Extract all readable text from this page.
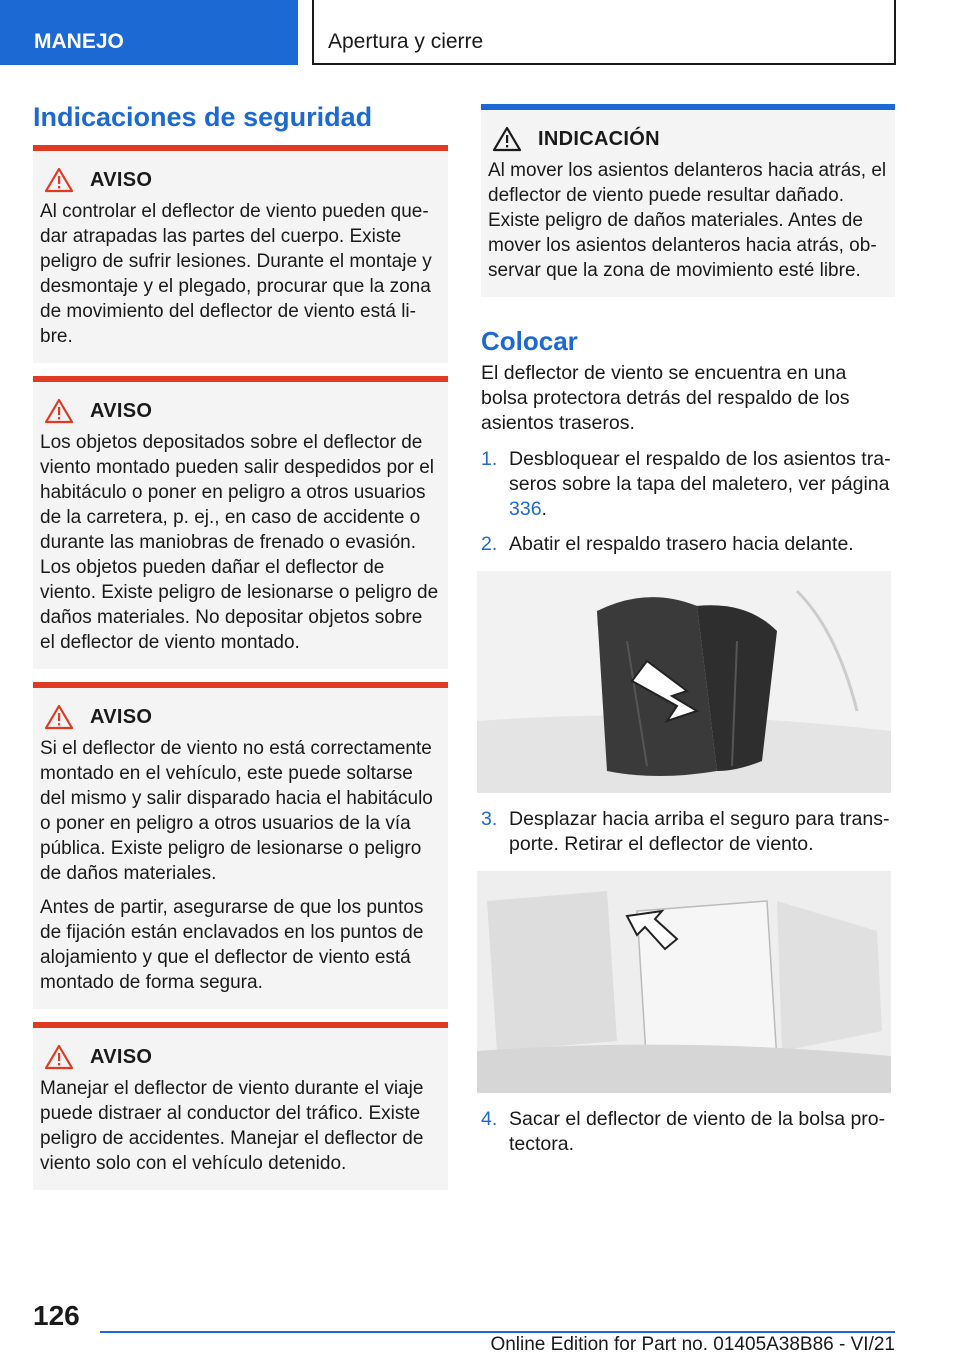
MANEJO	Apertura y cierre
Indicaciones de seguridad
AVISO

Al controlar el deflector de viento pueden quedar atrapadas las partes del cuerpo. Existe peligro de sufrir lesiones. Durante el montaje y desmontaje y el plegado, procurar que la zona de movimiento del deflector de viento está libre.

AVISO

Los objetos depositados sobre el deflector de viento montado pueden salir despedidos por el habitáculo o poner en peligro a otros usuarios de la carretera, p. ej., en caso de accidente o durante las maniobras de frenado o evasión. Los objetos pueden dañar el deflector de viento. Existe peligro de lesionarse o peligro de daños materiales. No depositar objetos sobre el deflector de viento montado.

AVISO

Si el deflector de viento no está correctamente montado en el vehículo, este puede soltarse del mismo y salir disparado hacia el habitáculo o poner en peligro a otros usuarios de la vía pública. Existe peligro de lesionarse o peligro de daños materiales.

Antes de partir, asegurarse de que los puntos de fijación están enclavados en los puntos de alojamiento y que el deflector de viento está montado de forma segura.

AVISO

Manejar el deflector de viento durante el viaje puede distraer al conductor del tráfico. Existe peligro de accidentes. Manejar el deflector de viento solo con el vehículo detenido.

INDICACIÓN

Al mover los asientos delanteros hacia atrás, el deflector de viento puede resultar dañado. Existe peligro de daños materiales. Antes de mover los asientos delanteros hacia atrás, observar que la zona de movimiento esté libre.

Colocar

El deflector de viento se encuentra en una bolsa protectora detrás del respaldo de los asientos traseros.

1. Desbloquear el respaldo de los asientos traseros sobre la tapa del maletero, ver página 336.
2. Abatir el respaldo trasero hacia delante.
3. Desplazar hacia arriba el seguro para transporte. Retirar el deflector de viento.
4. Sacar el deflector de viento de la bolsa protectora.
126
Online Edition for Part no. 01405A38B86 - VI/21
